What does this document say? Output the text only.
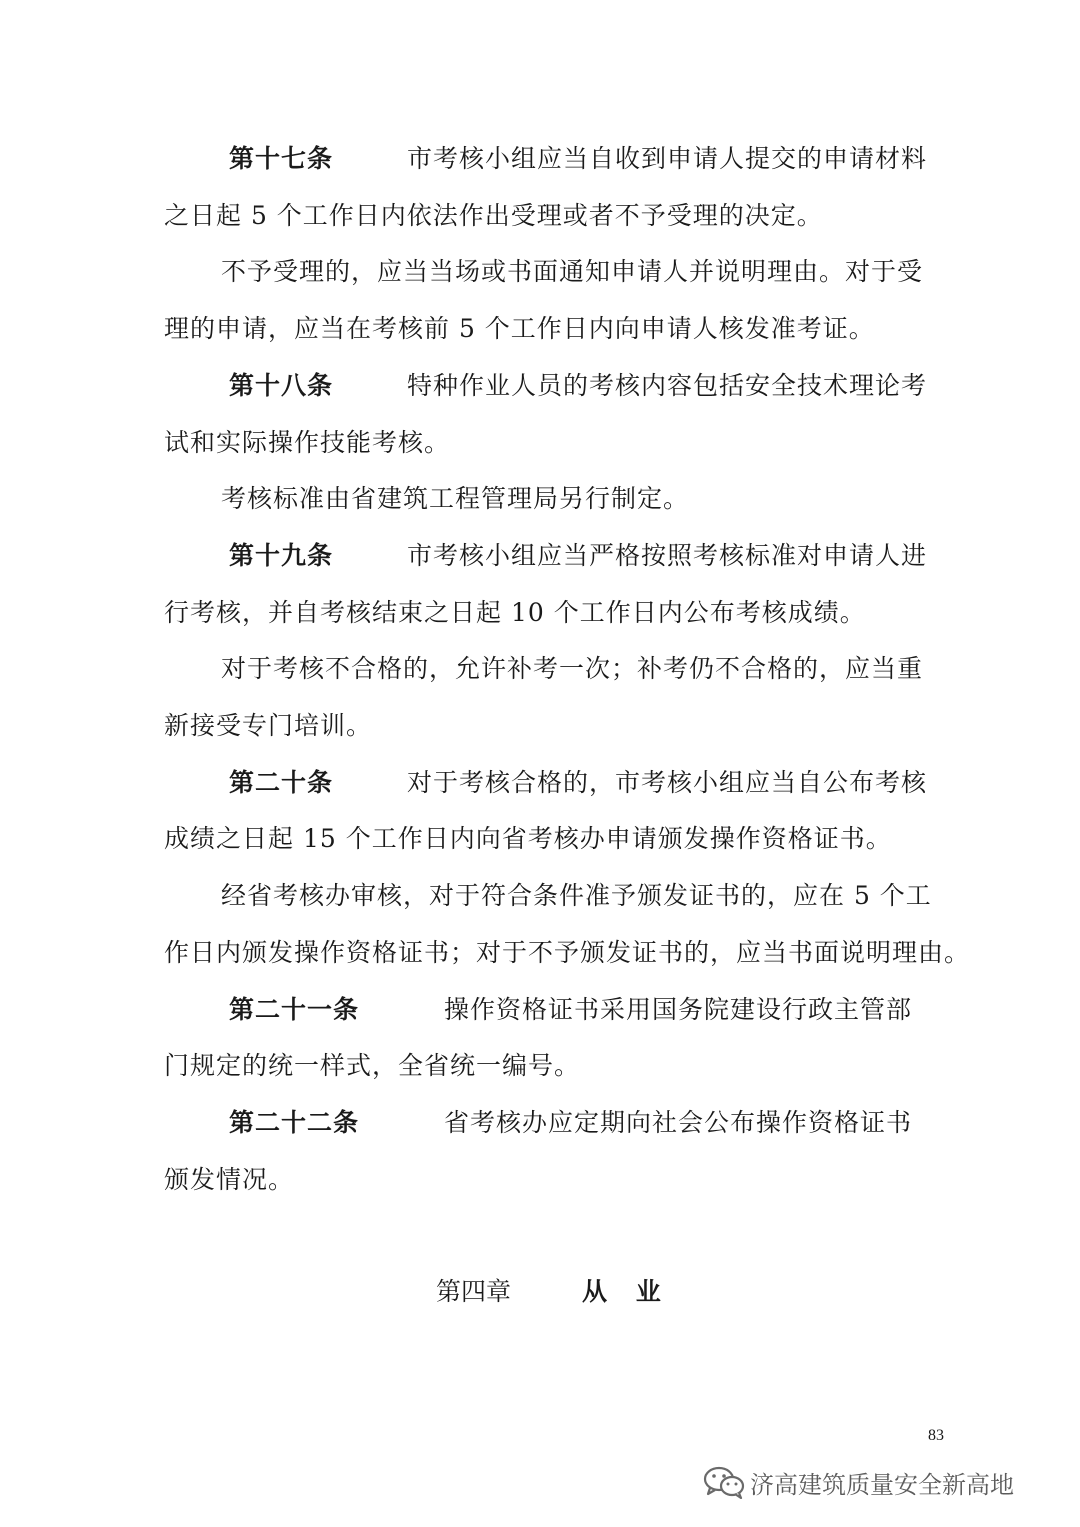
第十七条	市考核小组应当自收到申请人提交的申请材料
之日起 5 个工作日内依法作出受理或者不予受理的决定。
不予受理的，应当当场或书面通知申请人并说明理由。对于受
理的申请，应当在考核前 5 个工作日内向申请人核发准考证。
第十八条	特种作业人员的考核内容包括安全技术理论考
试和实际操作技能考核。
考核标准由省建筑工程管理局另行制定。
第十九条	市考核小组应当严格按照考核标准对申请人进
行考核，并自考核结束之日起 10 个工作日内公布考核成绩。
对于考核不合格的，允许补考一次；补考仍不合格的，应当重
新接受专门培训。
第二十条	对于考核合格的，市考核小组应当自公布考核
成绩之日起 15 个工作日内向省考核办申请颁发操作资格证书。
经省考核办审核，对于符合条件准予颁发证书的，应在 5 个工
作日内颁发操作资格证书；对于不予颁发证书的，应当书面说明理由。
第二十一条	操作资格证书采用国务院建设行政主管部
门规定的统一样式，全省统一编号。
第二十二条	省考核办应定期向社会公布操作资格证书
颁发情况。
第四章	从 业
83
济高建筑质量安全新高地
